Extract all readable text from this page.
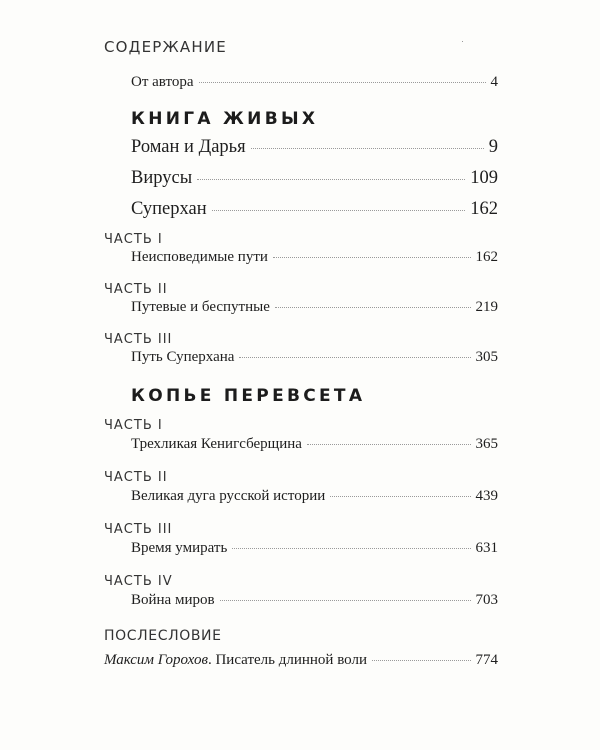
СОДЕРЖАНИЕ
От автора	4
КНИГА ЖИВЫХ
Роман и Дарья	9
Вирусы	109
Суперхан	162
ЧАСТЬ I
Неисповедимые пути	162
ЧАСТЬ II
Путевые и беспутные	219
ЧАСТЬ III
Путь Суперхана	305
КОПЬЕ ПЕРЕВСЕТА
ЧАСТЬ I
Трехликая Кенигсберщина	365
ЧАСТЬ II
Великая дуга русской истории	439
ЧАСТЬ III
Время умирать	631
ЧАСТЬ IV
Война миров	703
ПОСЛЕСЛОВИЕ
Максим Горохов. Писатель длинной воли	774
